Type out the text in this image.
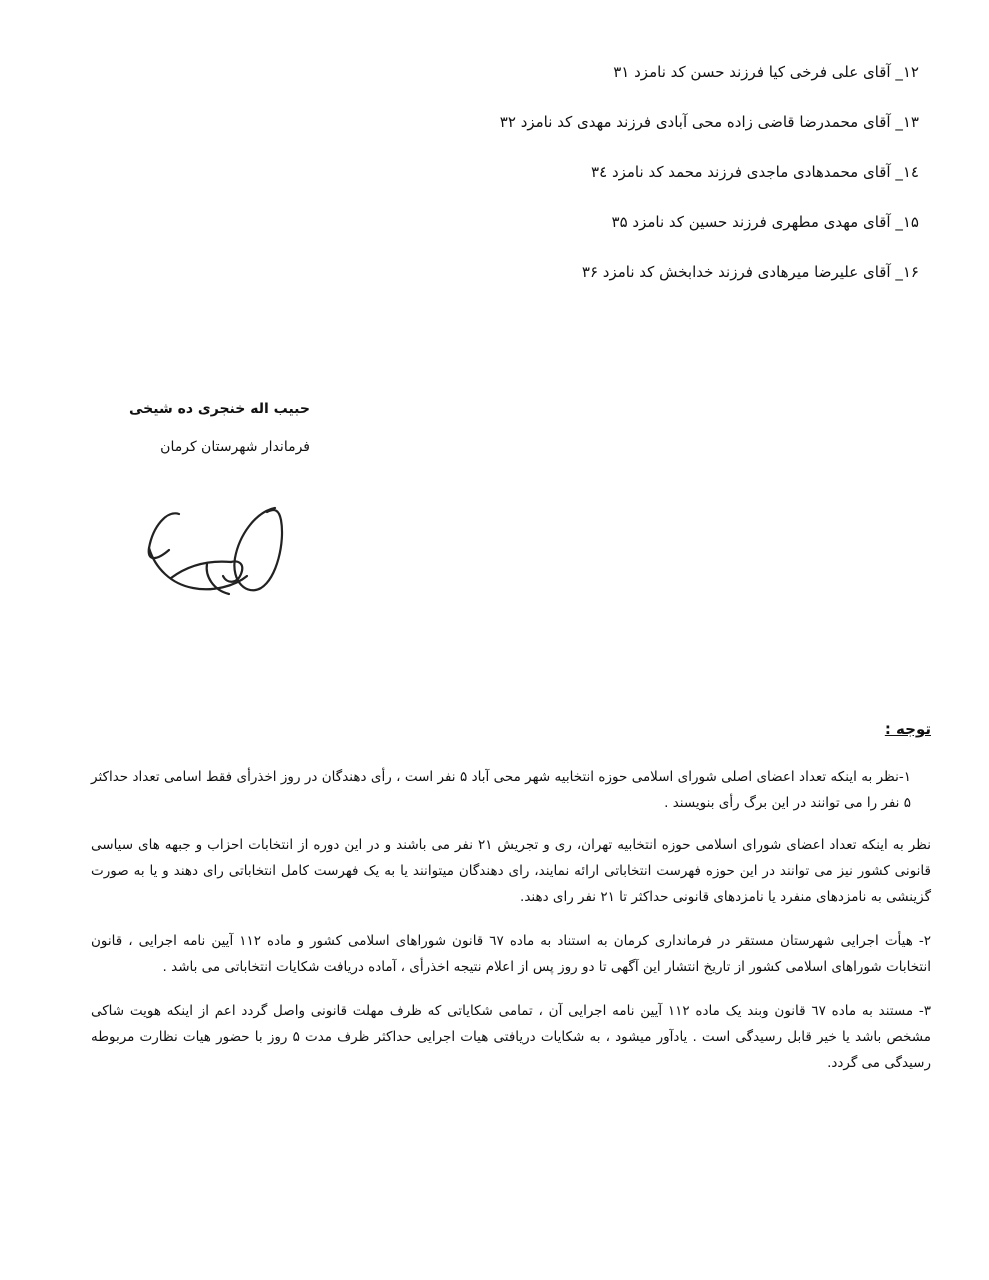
۱۲_ آقای علی فرخی کیا فرزند حسن کد نامزد ۳۱
۱۳_ آقای محمدرضا قاضی زاده محی آبادی فرزند مهدی کد نامزد ۳۲
۱٤_ آقای محمدهادی ماجدی فرزند محمد کد نامزد ۳٤
۱۵_ آقای مهدی مطهری فرزند حسین کد نامزد ۳۵
۱۶_ آقای علیرضا میرهادی فرزند خدابخش کد نامزد ۳۶
حبیب اله خنجری ده شیخی
فرماندار شهرستان کرمان
توجه :

۱-نظر به اینکه تعداد اعضای اصلی شورای اسلامی حوزه انتخابیه شهر محی آباد ۵ نفر است ، رأی دهندگان در روز اخذرأی فقط اسامی تعداد حداکثر ۵ نفر را می توانند در این برگ رأی بنویسند .

نظر به اینکه تعداد اعضای شورای اسلامی حوزه انتخابیه تهران، ری و تجریش ۲۱ نفر می باشند و در این دوره از انتخابات احزاب و جبهه های سیاسی قانونی کشور نیز می توانند در این حوزه فهرست انتخاباتی ارائه نمایند، رای دهندگان میتوانند یا به یک فهرست کامل انتخاباتی رای دهند و یا به صورت گزینشی به نامزدهای منفرد یا نامزدهای قانونی حداکثر تا ۲۱ نفر رای دهند.

۲- هیأت اجرایی شهرستان مستقر در فرمانداری کرمان به استناد به ماده ٦۷ قانون شوراهای اسلامی کشور و ماده ۱۱۲ آیین نامه اجرایی ، قانون انتخابات شوراهای اسلامی کشور از تاریخ انتشار این آگهی تا دو روز پس از اعلام نتیجه اخذرأی ، آماده دریافت شکایات انتخاباتی می باشد .

۳- مستند به ماده ٦۷ قانون وبند یک ماده ۱۱۲ آیین نامه اجرایی آن ، تمامی شکایاتی که ظرف مهلت قانونی واصل گردد اعم از اینکه هویت شاکی مشخص باشد یا خیر قابل رسیدگی است . یادآور میشود ، به شکایات دریافتی هیات اجرایی حداکثر ظرف مدت ۵ روز با حضور هیات نظارت مربوطه رسیدگی می گردد.
